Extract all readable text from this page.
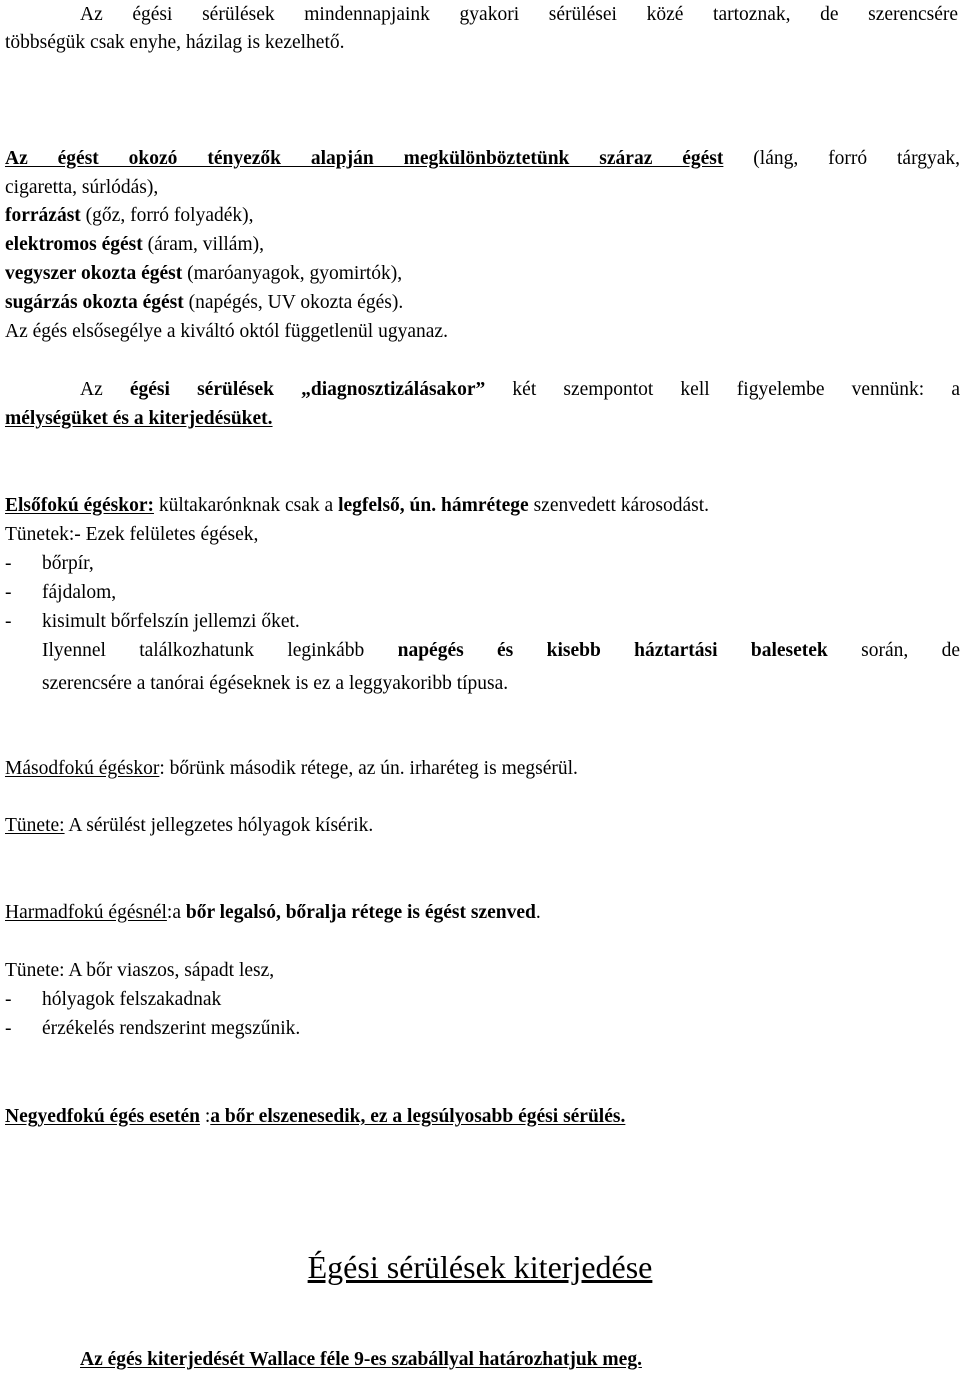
Az égési sérülések mindennapjaink gyakori sérülései közé tartoznak, de szerencsére
többségük csak enyhe, házilag is kezelhető.
Az égést okozó tényezők alapján megkülönböztetünk száraz égést (láng, forró tárgyak,
cigaretta, súrlódás),
forrázást (gőz, forró folyadék),
elektromos égést (áram, villám),
vegyszer okozta égést (maróanyagok, gyomirtók),
sugárzás okozta égést (napégés, UV okozta égés).
Az égés elsősegélye a kiváltó októl függetlenül ugyanaz.
Az égési sérülések „diagnosztizálásakor” két szempontot kell figyelembe vennünk: a
mélységüket és a kiterjedésüket.
Elsőfokú égéskor: kültakarónknak csak a legfelső, ún. hámrétege szenvedett károsodást.
Tünetek:- Ezek felületes égések,
- bőrpír,
- fájdalom,
- kisimult bőrfelszín jellemzi őket.
Ilyennel találkozhatunk leginkább napégés és kisebb háztartási balesetek során, de
szerencsére a tanórai égéseknek is ez a leggyakoribb típusa.
Másodfokú égéskor: bőrünk második rétege, az ún. irharéteg is megsérül.
Tünete: A sérülést jellegzetes hólyagok kísérik.
Harmadfokú égésnél:a bőr legalsó, bőralja rétege is égést szenved.
Tünete: A bőr viaszos, sápadt lesz,
- hólyagok felszakadnak
- érzékelés rendszerint megszűnik.
Negyedfokú égés esetén :a bőr elszenesedik, ez a legsúlyosabb égési sérülés.
Égési sérülések kiterjedése
Az égés kiterjedését Wallace féle 9-es szabállyal határozhatjuk meg.
